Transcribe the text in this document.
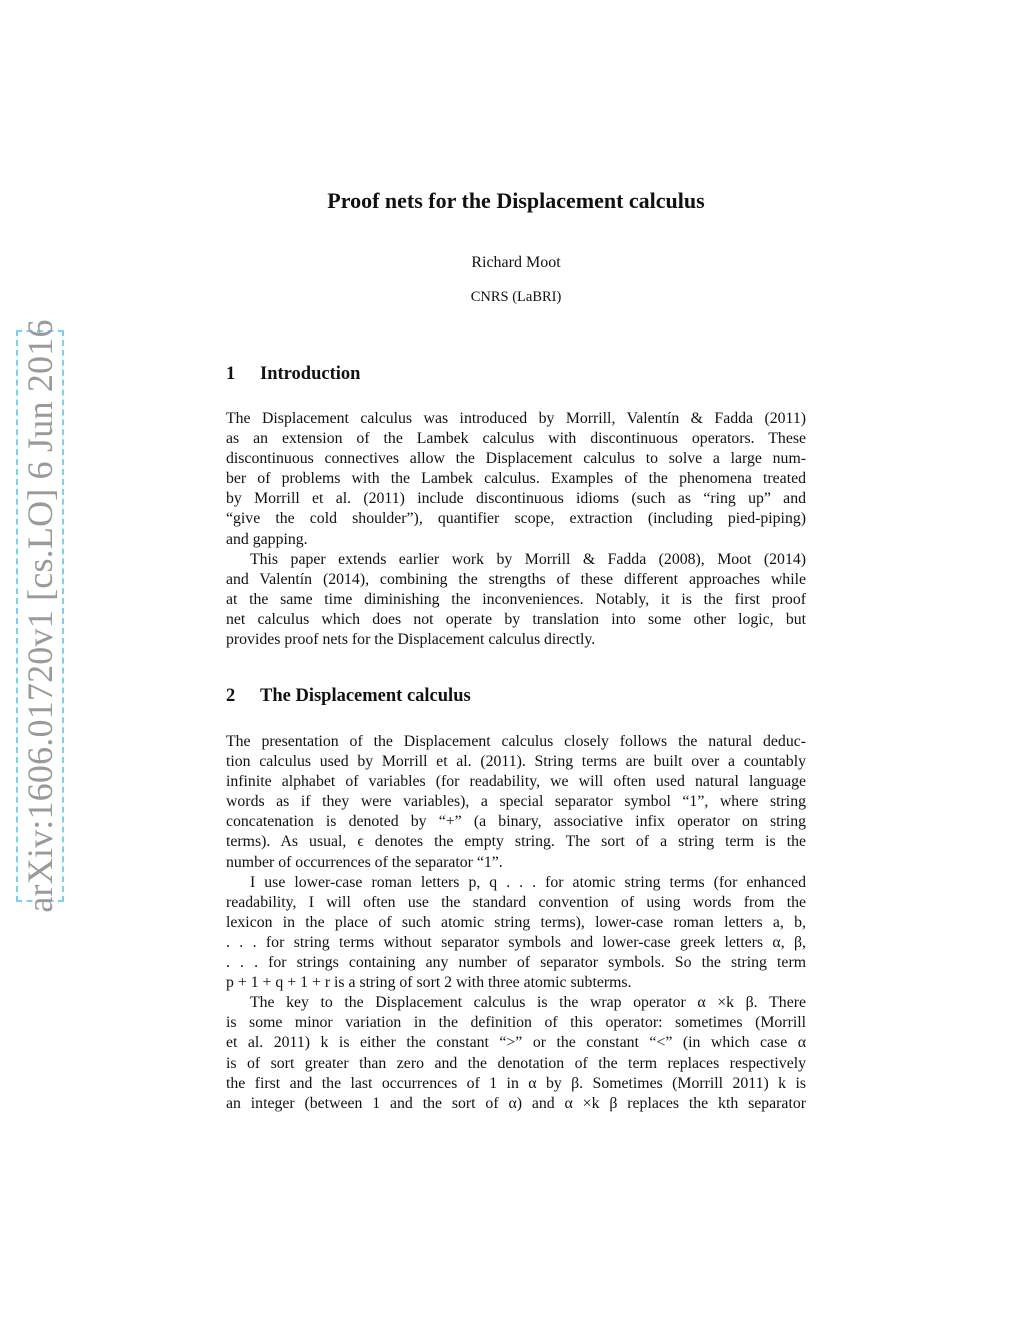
arXiv:1606.01720v1 [cs.LO] 6 Jun 2016
Proof nets for the Displacement calculus
Richard Moot
CNRS (LaBRI)
1 Introduction
The Displacement calculus was introduced by Morrill, Valentín & Fadda (2011)
as an extension of the Lambek calculus with discontinuous operators. These
discontinuous connectives allow the Displacement calculus to solve a large num-
ber of problems with the Lambek calculus. Examples of the phenomena treated
by Morrill et al. (2011) include discontinuous idioms (such as “ring up” and
“give the cold shoulder”), quantifier scope, extraction (including pied-piping)
and gapping.
This paper extends earlier work by Morrill & Fadda (2008), Moot (2014)
and Valentín (2014), combining the strengths of these different approaches while
at the same time diminishing the inconveniences. Notably, it is the first proof
net calculus which does not operate by translation into some other logic, but
provides proof nets for the Displacement calculus directly.
2 The Displacement calculus
The presentation of the Displacement calculus closely follows the natural deduc-
tion calculus used by Morrill et al. (2011). String terms are built over a countably
infinite alphabet of variables (for readability, we will often used natural language
words as if they were variables), a special separator symbol “1”, where string
concatenation is denoted by “+” (a binary, associative infix operator on string
terms). As usual, ϵ denotes the empty string. The sort of a string term is the
number of occurrences of the separator “1”.
I use lower-case roman letters p, q . . . for atomic string terms (for enhanced
readability, I will often use the standard convention of using words from the
lexicon in the place of such atomic string terms), lower-case roman letters a, b,
. . . for string terms without separator symbols and lower-case greek letters α, β,
. . . for strings containing any number of separator symbols. So the string term
p + 1 + q + 1 + r is a string of sort 2 with three atomic subterms.
The key to the Displacement calculus is the wrap operator α ×k β. There
is some minor variation in the definition of this operator: sometimes (Morrill
et al. 2011) k is either the constant “>” or the constant “<” (in which case α
is of sort greater than zero and the denotation of the term replaces respectively
the first and the last occurrences of 1 in α by β. Sometimes (Morrill 2011) k is
an integer (between 1 and the sort of α) and α ×k β replaces the kth separator
